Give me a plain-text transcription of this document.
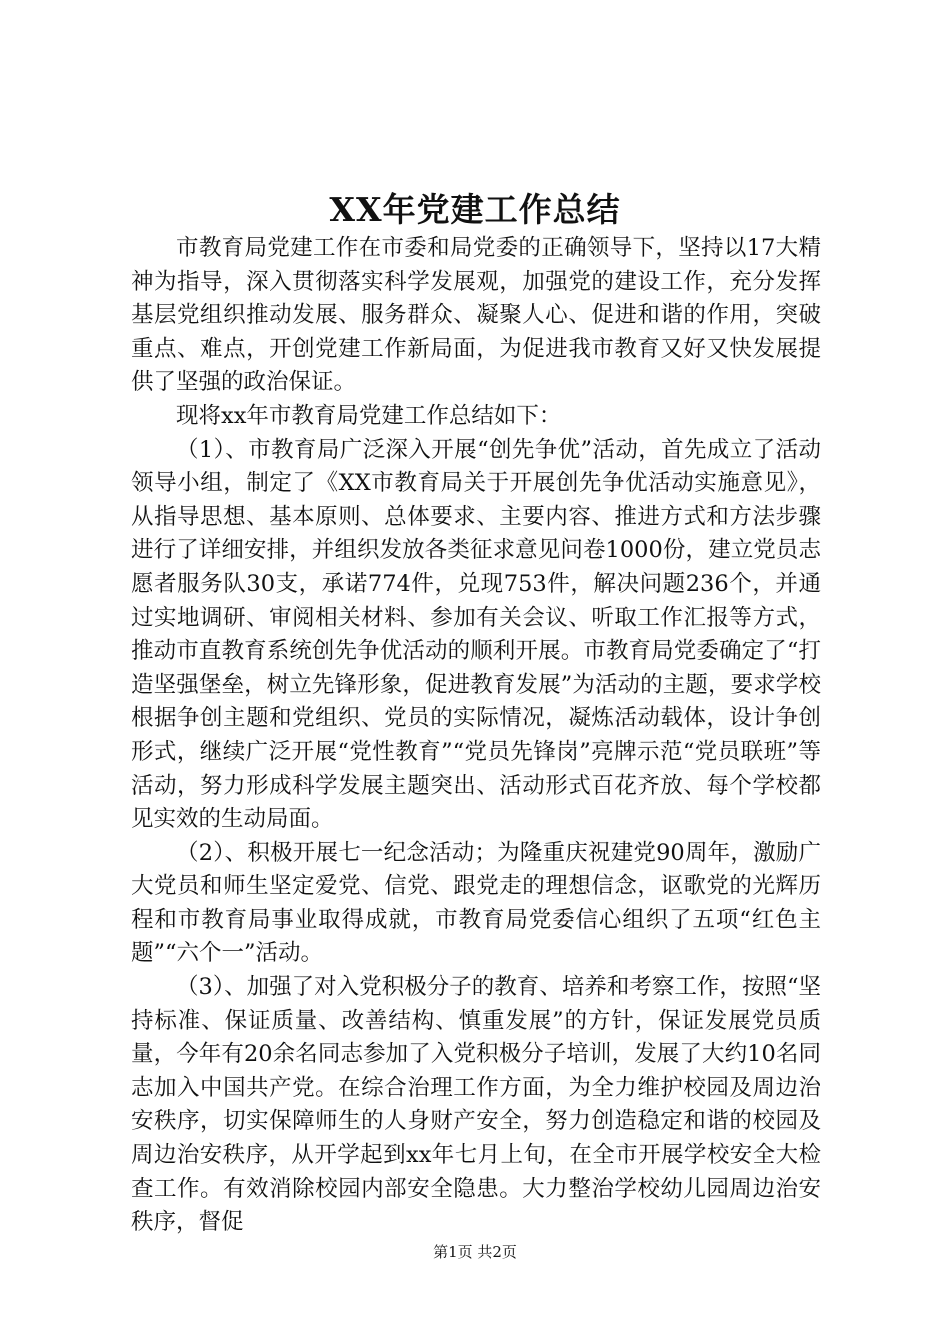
XX年党建工作总结

市教育局党建工作在市委和局党委的正确领导下，坚持以17大精神为指导，深入贯彻落实科学发展观，加强党的建设工作，充分发挥基层党组织推动发展、服务群众、凝聚人心、促进和谐的作用，突破重点、难点，开创党建工作新局面，为促进我市教育又好又快发展提供了坚强的政治保证。

现将xx年市教育局党建工作总结如下：

（1）、市教育局广泛深入开展“创先争优”活动，首先成立了活动领导小组，制定了《XX市教育局关于开展创先争优活动实施意见》，从指导思想、基本原则、总体要求、主要内容、推进方式和方法步骤进行了详细安排，并组织发放各类征求意见问卷1000份，建立党员志愿者服务队30支，承诺774件，兑现753件，解决问题236个，并通过实地调研、审阅相关材料、参加有关会议、听取工作汇报等方式，推动市直教育系统创先争优活动的顺利开展。市教育局党委确定了“打造坚强堡垒，树立先锋形象，促进教育发展”为活动的主题，要求学校根据争创主题和党组织、党员的实际情况，凝炼活动载体，设计争创形式，继续广泛开展“党性教育”“党员先锋岗”亮牌示范“党员联班”等活动，努力形成科学发展主题突出、活动形式百花齐放、每个学校都见实效的生动局面。

（2）、积极开展七一纪念活动；为隆重庆祝建党90周年，激励广大党员和师生坚定爱党、信党、跟党走的理想信念，讴歌党的光辉历程和市教育局事业取得成就，市教育局党委信心组织了五项“红色主题”“六个一”活动。

（3）、加强了对入党积极分子的教育、培养和考察工作，按照“坚持标准、保证质量、改善结构、慎重发展”的方针，保证发展党员质量，今年有20余名同志参加了入党积极分子培训，发展了大约10名同志加入中国共产党。在综合治理工作方面，为全力维护校园及周边治安秩序，切实保障师生的人身财产安全，努力创造稳定和谐的校园及周边治安秩序，从开学起到xx年七月上旬，在全市开展学校安全大检查工作。有效消除校园内部安全隐患。大力整治学校幼儿园周边治安秩序，督促

第1页 共2页
